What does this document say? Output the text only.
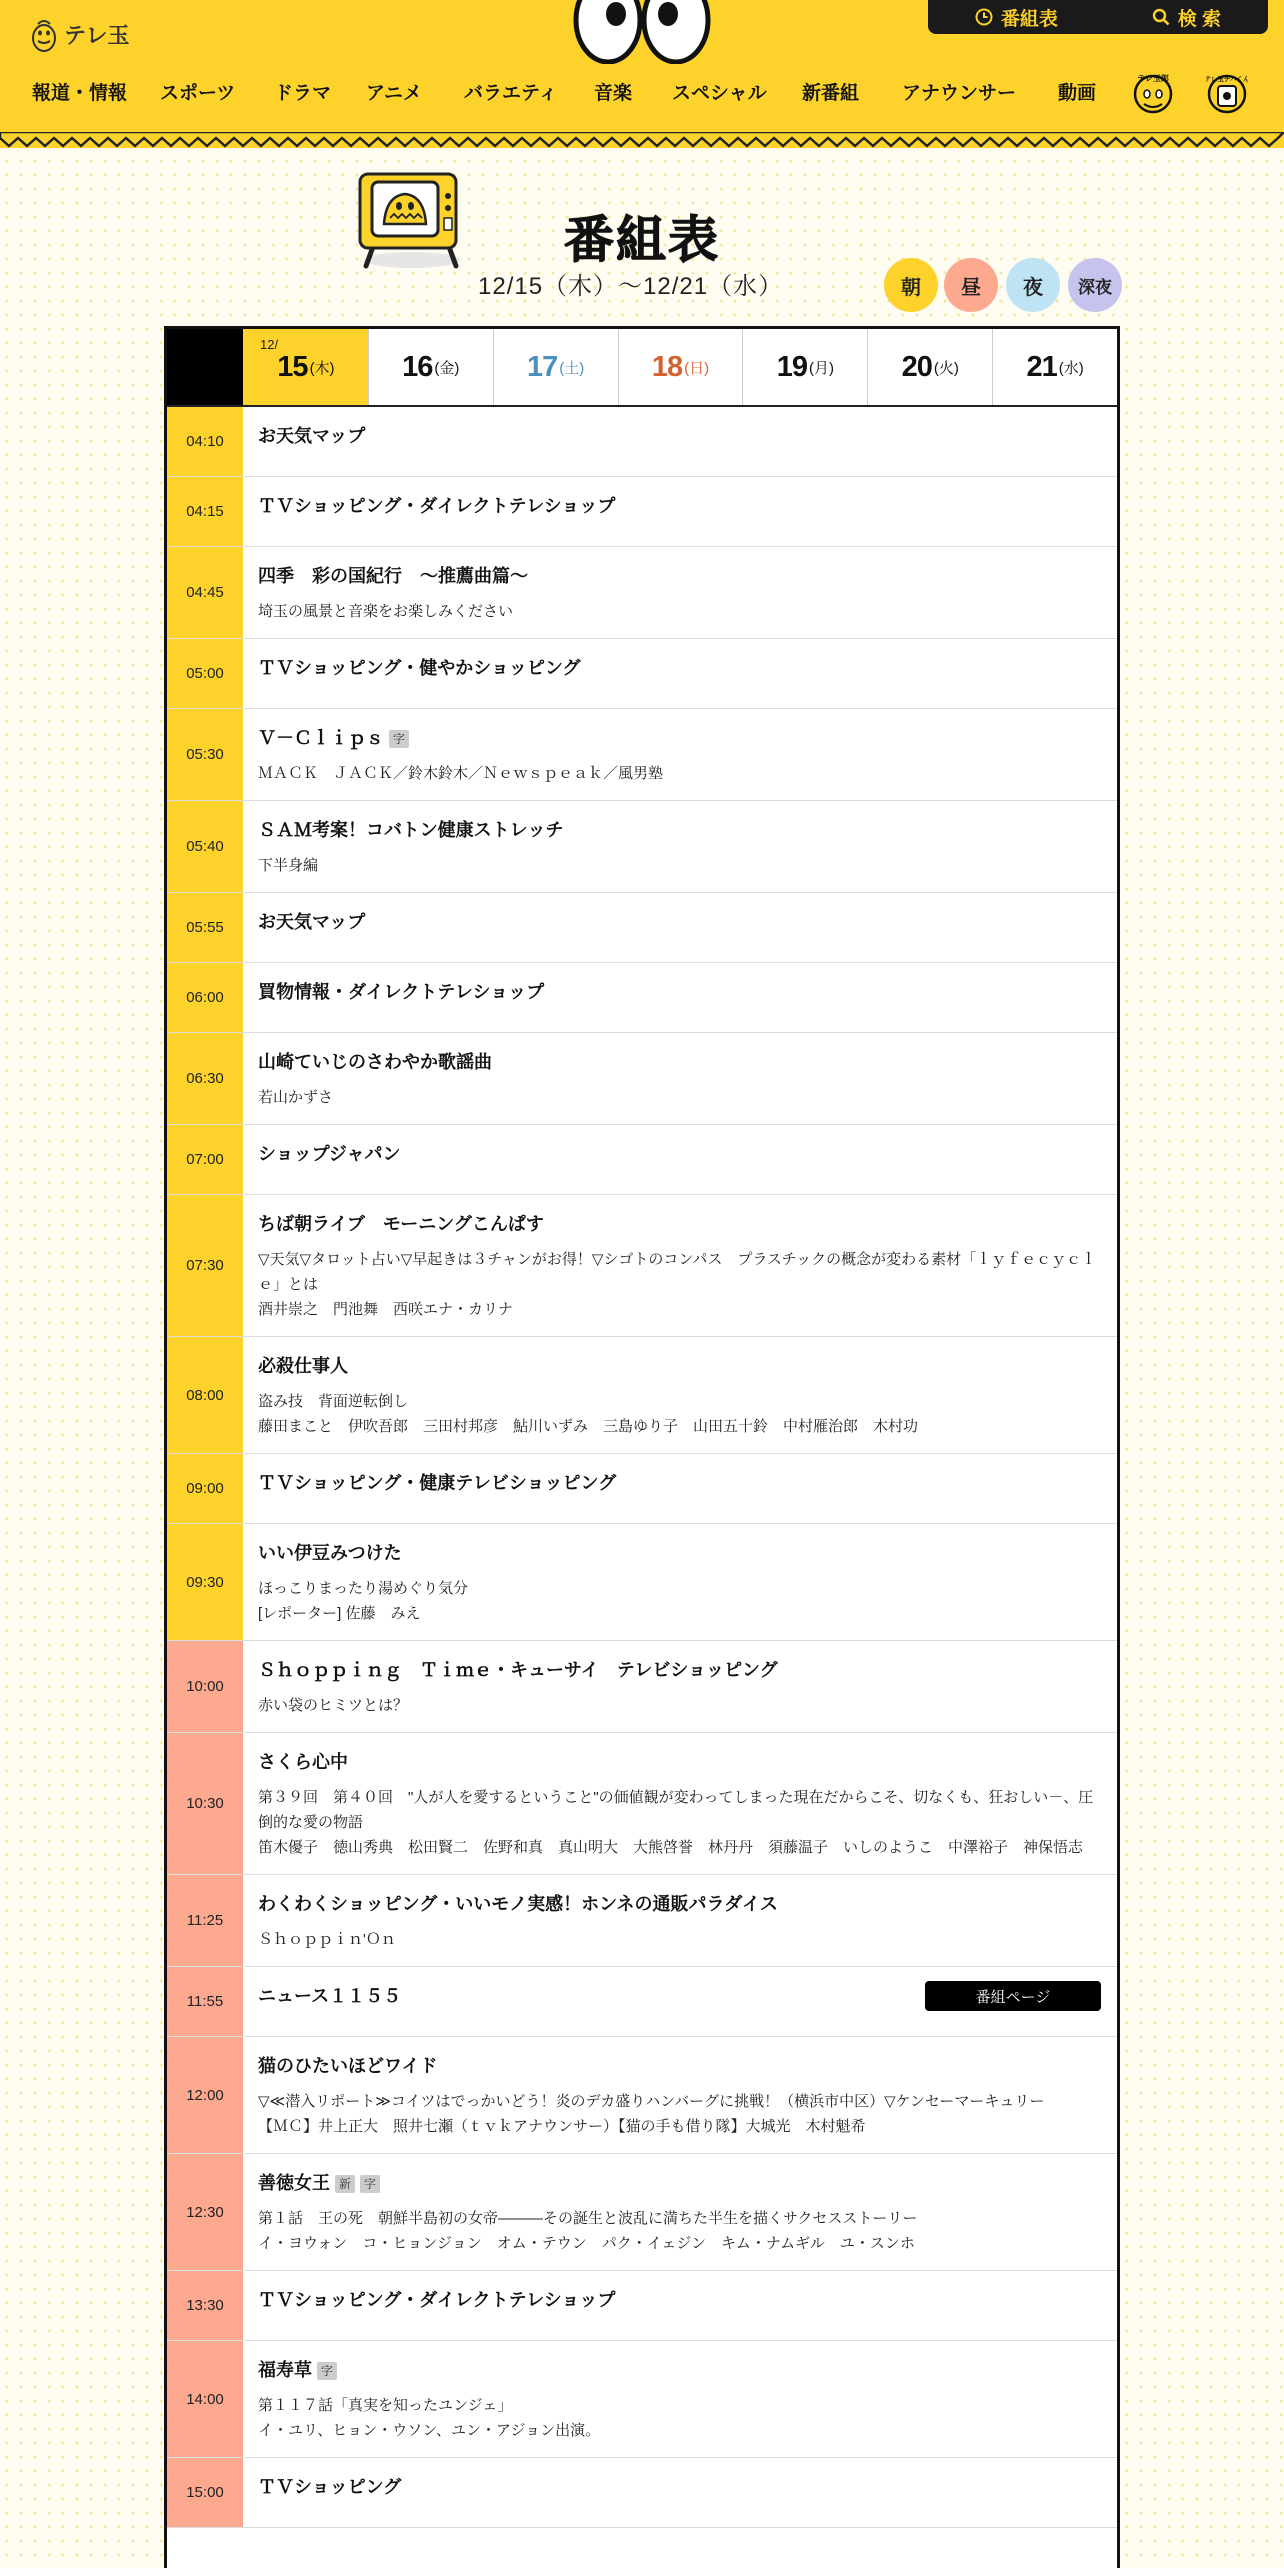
テレ玉
番組表	検 索
報道・情報 スポーツ ドラマ アニメ バラエティ 音楽 スペシャル 新番組 アナウンサー 動画
テレ玉郎	テレ玉チバくん
番組表
12/15（木）〜12/21（水）	朝 昼 夜 深夜
12/
15 (木) 16 (金) 17 (土) 18 (日) 19 (月) 20 (火) 21 (水)
04:10	お天気マップ
04:15	ＴＶショッピング・ダイレクトテレショップ
04:45
四季　彩の国紀行　～推薦曲篇～
埼玉の風景と音楽をお楽しみください
05:00	ＴＶショッピング・健やかショッピング
05:30
Ｖ－Ｃｌｉｐｓ 字
ＭＡＣＫ　ＪＡＣＫ／鈴木鈴木／Ｎｅｗｓｐｅａｋ／風男塾
05:40
ＳＡＭ考案！コバトン健康ストレッチ
下半身編
05:55	お天気マップ
06:00	買物情報・ダイレクトテレショップ
06:30
山崎ていじのさわやか歌謡曲
若山かずさ
07:00	ショップジャパン
07:30
ちば朝ライブ　モーニングこんぱす
▽天気▽タロット占い▽早起きは３チャンがお得！▽シゴトのコンパス　プラスチックの概念が変わる素材「ｌｙｆｅｃｙｃｌｅ」とは
酒井崇之　門池舞　西咲エナ・カリナ
08:00
必殺仕事人
盗み技　背面逆転倒し
藤田まこと　伊吹吾郎　三田村邦彦　鮎川いずみ　三島ゆり子　山田五十鈴　中村雁治郎　木村功
09:00	ＴＶショッピング・健康テレビショッピング
09:30
いい伊豆みつけた
ほっこりまったり湯めぐり気分
[レポーター] 佐藤　みえ
10:00
Ｓｈｏｐｐｉｎｇ　Ｔｉｍｅ・キューサイ　テレビショッピング
赤い袋のヒミツとは？
10:30
さくら心中
第３９回　第４０回　"人が人を愛するということ"の価値観が変わってしまった現在だからこそ、切なくも、狂おしい－、圧倒的な愛の物語
笛木優子　徳山秀典　松田賢二　佐野和真　真山明大　大熊啓誉　林丹丹　須藤温子　いしのようこ　中澤裕子　神保悟志
11:25
わくわくショッピング・いいモノ実感！ホンネの通販パラダイス
Ｓｈｏｐｐｉｎ'Ｏｎ
11:55	ニュース１１５５	番組ページ
12:00
猫のひたいほどワイド
▽≪潜入リポート≫コイツはでっかいどう！炎のデカ盛りハンバーグに挑戦！（横浜市中区）▽ケンセーマーキュリー
【ＭＣ】井上正大　照井七瀬（ｔｖｋアナウンサー）【猫の手も借り隊】大城光　木村魁希
12:30
善徳女王 新	字
第１話　王の死　朝鮮半島初の女帝―――その誕生と波乱に満ちた半生を描くサクセスストーリー
イ・ヨウォン　コ・ヒョンジョン　オム・テウン　パク・イェジン　キム・ナムギル　ユ・スンホ
13:30	ＴＶショッピング・ダイレクトテレショップ
14:00
福寿草 字
第１１７話「真実を知ったユンジェ」
イ・ユリ、ヒョン・ウソン、ユン・アジョン出演。
15:00	ＴＶショッピング
